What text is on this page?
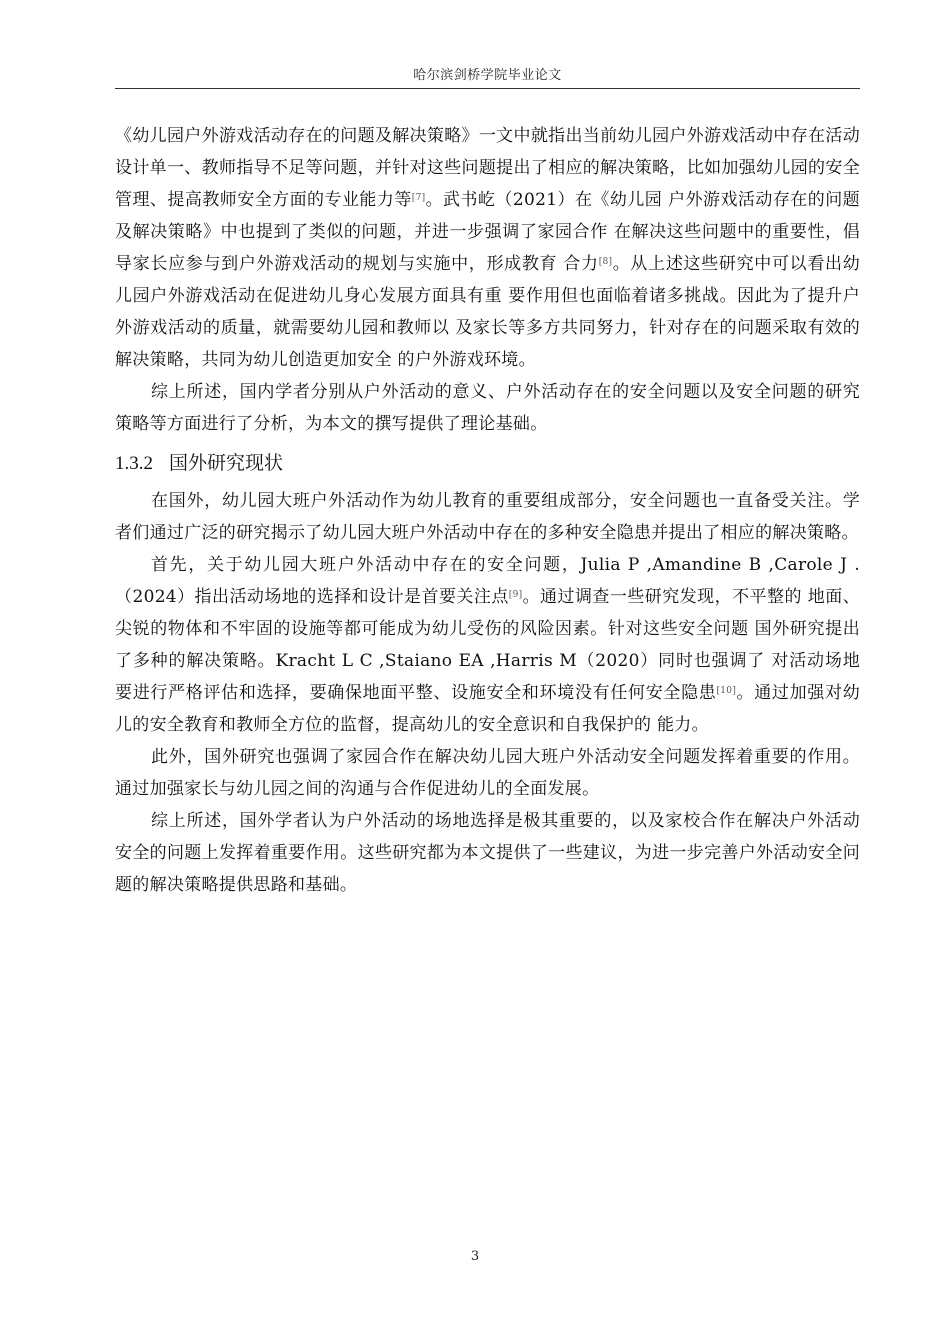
哈尔滨剑桥学院毕业论文

《幼儿园户外游戏活动存在的问题及解决策略》一文中就指出当前幼儿园户外游戏活动中存在活动设计单一、教师指导不足等问题，并针对这些问题提出了相应的解决策略，比如加强幼儿园的安全管理、提高教师安全方面的专业能力等[7]。武书屹（2021）在《幼儿园 户外游戏活动存在的问题及解决策略》中也提到了类似的问题，并进一步强调了家园合作 在解决这些问题中的重要性，倡导家长应参与到户外游戏活动的规划与实施中，形成教育 合力[8]。从上述这些研究中可以看出幼儿园户外游戏活动在促进幼儿身心发展方面具有重 要作用但也面临着诸多挑战。因此为了提升户外游戏活动的质量，就需要幼儿园和教师以 及家长等多方共同努力，针对存在的问题采取有效的解决策略，共同为幼儿创造更加安全 的户外游戏环境。

综上所述，国内学者分别从户外活动的意义、户外活动存在的安全问题以及安全问题的研究策略等方面进行了分析，为本文的撰写提供了理论基础。

1.3.2 国外研究现状

在国外，幼儿园大班户外活动作为幼儿教育的重要组成部分，安全问题也一直备受关注。学者们通过广泛的研究揭示了幼儿园大班户外活动中存在的多种安全隐患并提出了相应的解决策略。

首先，关于幼儿园大班户外活动中存在的安全问题，Julia P ,Amandine B ,Carole J .（2024）指出活动场地的选择和设计是首要关注点[9]。通过调查一些研究发现，不平整的 地面、尖锐的物体和不牢固的设施等都可能成为幼儿受伤的风险因素。针对这些安全问题 国外研究提出了多种的解决策略。Kracht L C ,Staiano EA ,Harris M（2020）同时也强调了 对活动场地要进行严格评估和选择，要确保地面平整、设施安全和环境没有任何安全隐患[10]。通过加强对幼儿的安全教育和教师全方位的监督，提高幼儿的安全意识和自我保护的 能力。

此外，国外研究也强调了家园合作在解决幼儿园大班户外活动安全问题发挥着重要的作用。通过加强家长与幼儿园之间的沟通与合作促进幼儿的全面发展。

综上所述，国外学者认为户外活动的场地选择是极其重要的，以及家校合作在解决户外活动安全的问题上发挥着重要作用。这些研究都为本文提供了一些建议，为进一步完善户外活动安全问题的解决策略提供思路和基础。

3
